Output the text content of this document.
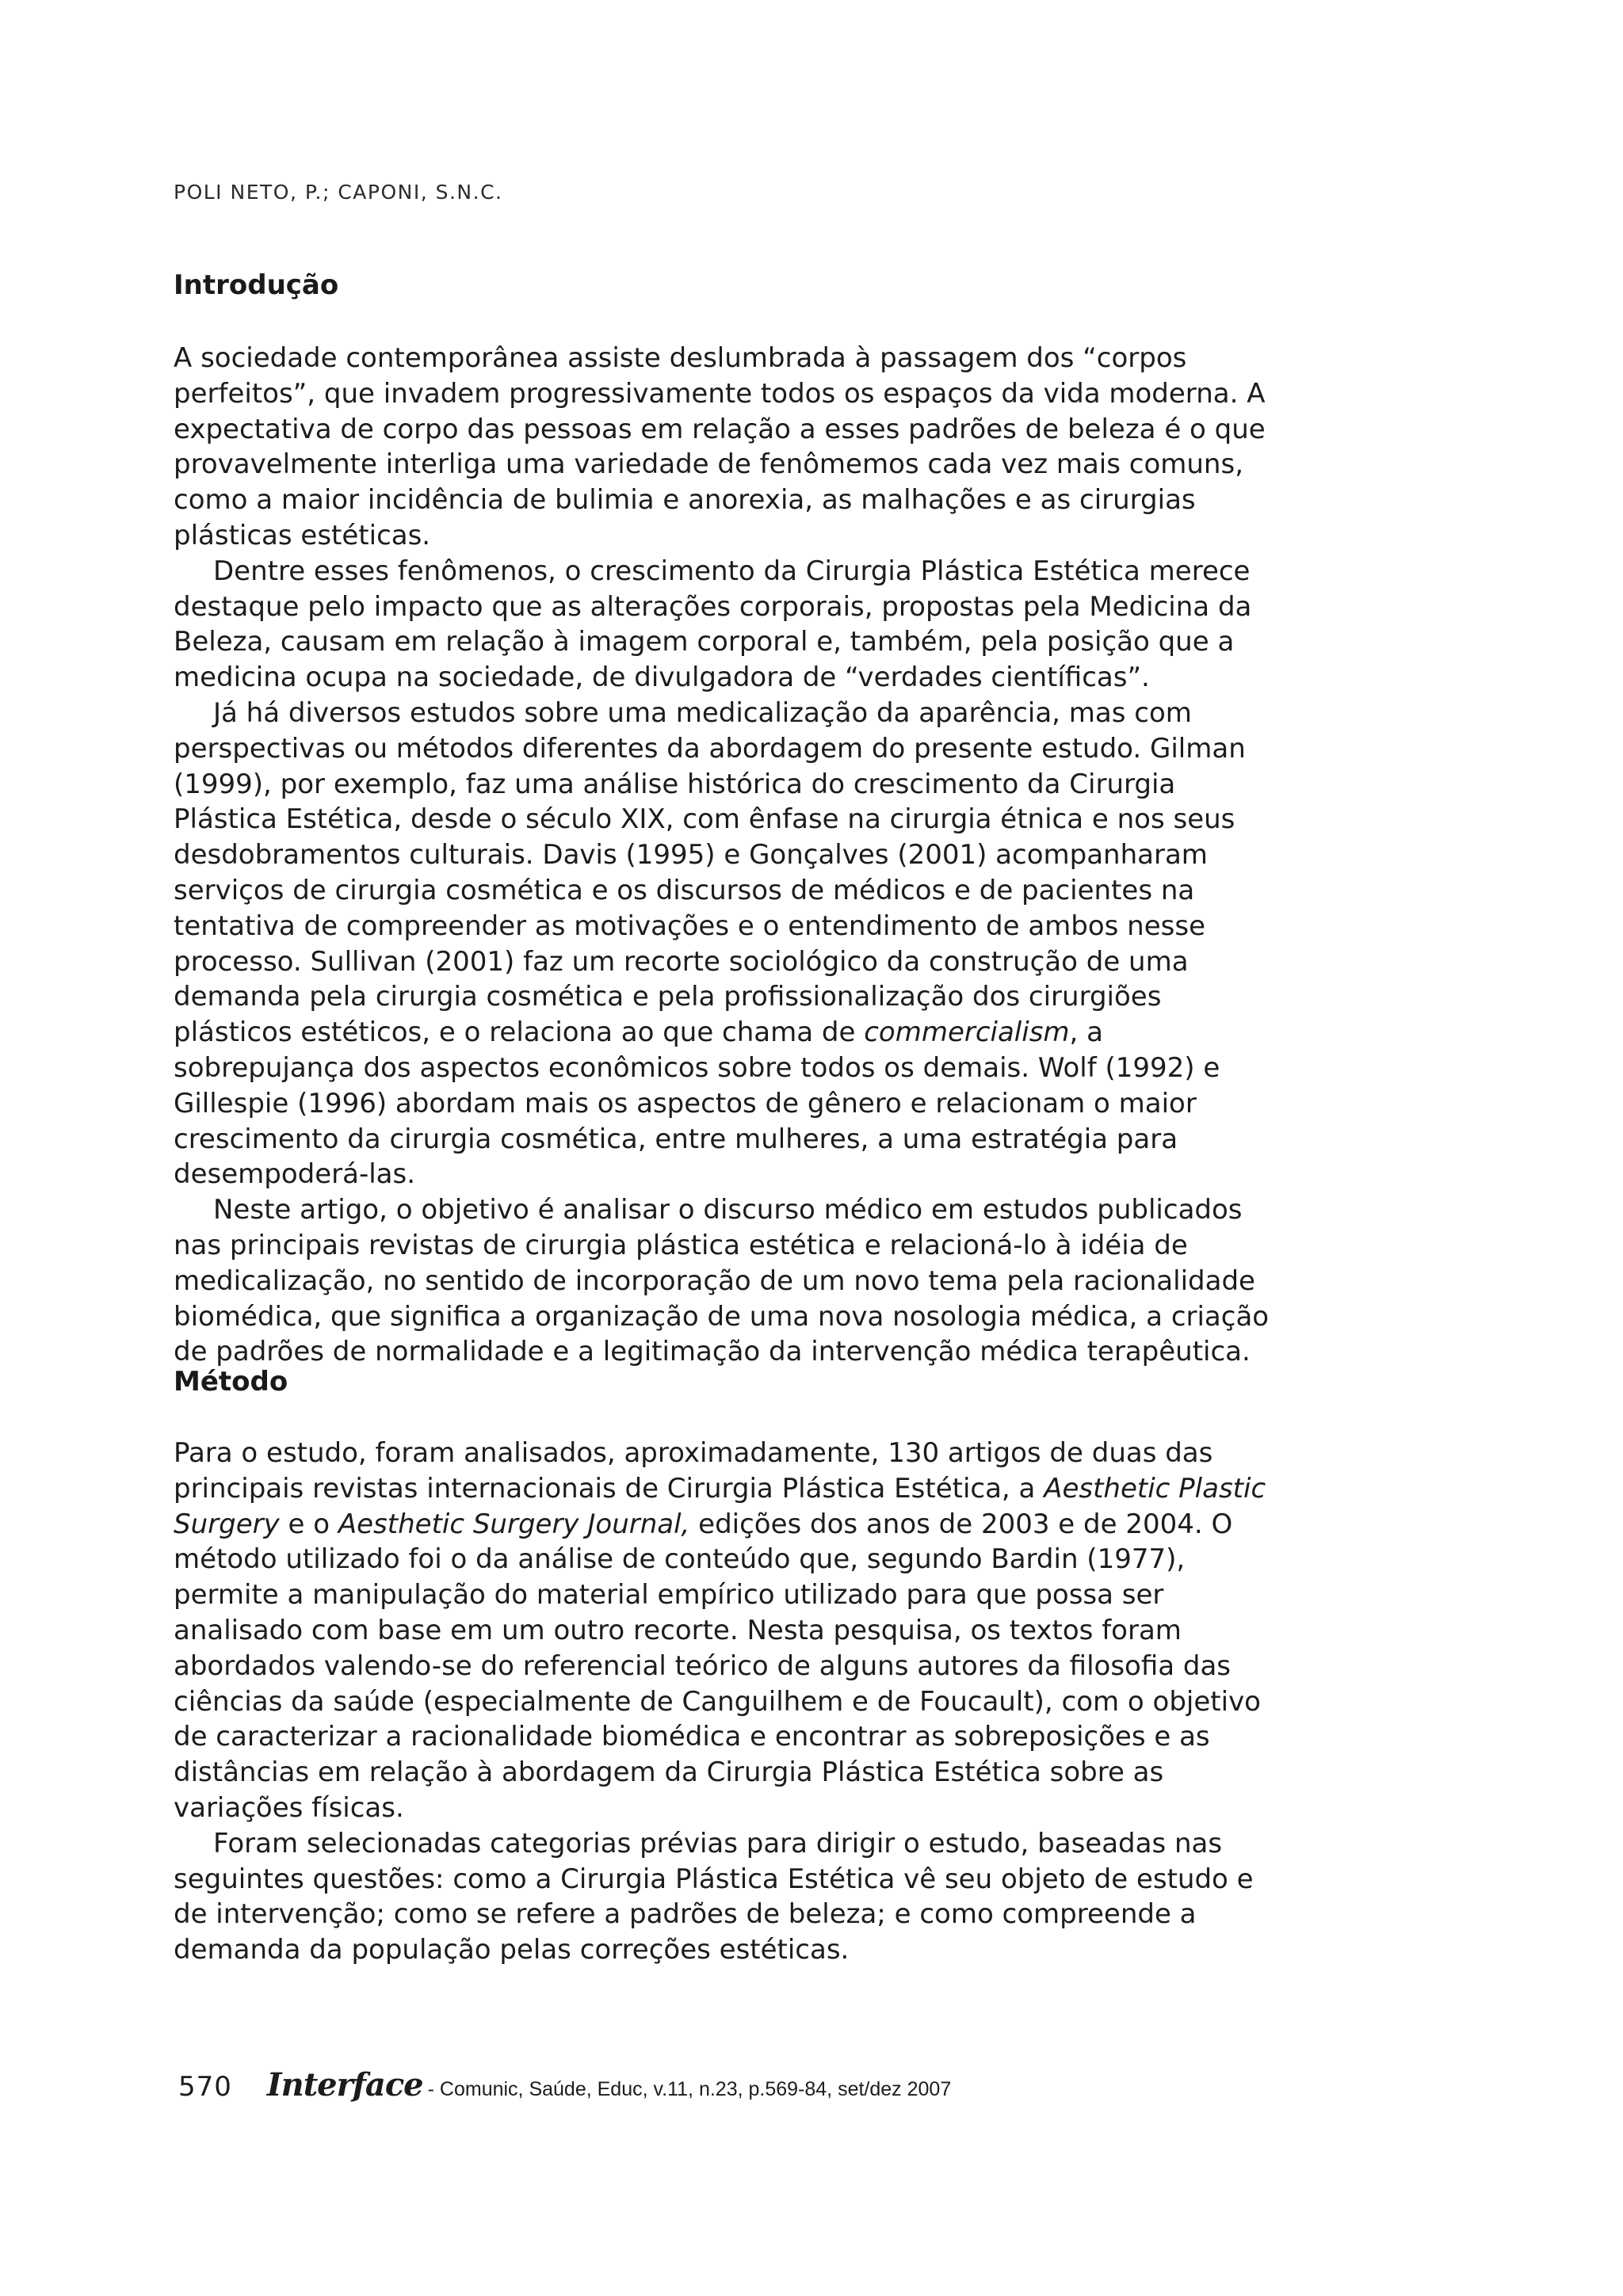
POLI NETO, P.; CAPONI, S.N.C.
Introdução

A sociedade contemporânea assiste deslumbrada à passagem dos “corpos perfeitos”, que invadem progressivamente todos os espaços da vida moderna. A expectativa de corpo das pessoas em relação a esses padrões de beleza é o que provavelmente interliga uma variedade de fenômemos cada vez mais comuns, como a maior incidência de bulimia e anorexia, as malhações e as cirurgias plásticas estéticas.

Dentre esses fenômenos, o crescimento da Cirurgia Plástica Estética merece destaque pelo impacto que as alterações corporais, propostas pela Medicina da Beleza, causam em relação à imagem corporal e, também, pela posição que a medicina ocupa na sociedade, de divulgadora de “verdades científicas”.

Já há diversos estudos sobre uma medicalização da aparência, mas com perspectivas ou métodos diferentes da abordagem do presente estudo. Gilman (1999), por exemplo, faz uma análise histórica do crescimento da Cirurgia Plástica Estética, desde o século XIX, com ênfase na cirurgia étnica e nos seus desdobramentos culturais. Davis (1995) e Gonçalves (2001) acompanharam serviços de cirurgia cosmética e os discursos de médicos e de pacientes na tentativa de compreender as motivações e o entendimento de ambos nesse processo. Sullivan (2001) faz um recorte sociológico da construção de uma demanda pela cirurgia cosmética e pela profissionalização dos cirurgiões plásticos estéticos, e o relaciona ao que chama de commercialism, a sobrepujança dos aspectos econômicos sobre todos os demais. Wolf (1992) e Gillespie (1996) abordam mais os aspectos de gênero e relacionam o maior crescimento da cirurgia cosmética, entre mulheres, a uma estratégia para desempoderá-las.

Neste artigo, o objetivo é analisar o discurso médico em estudos publicados nas principais revistas de cirurgia plástica estética e relacioná-lo à idéia de medicalização, no sentido de incorporação de um novo tema pela racionalidade biomédica, que significa a organização de uma nova nosologia médica, a criação de padrões de normalidade e a legitimação da intervenção médica terapêutica.

Método

Para o estudo, foram analisados, aproximadamente, 130 artigos de duas das principais revistas internacionais de Cirurgia Plástica Estética, a Aesthetic Plastic Surgery e o Aesthetic Surgery Journal, edições dos anos de 2003 e de 2004. O método utilizado foi o da análise de conteúdo que, segundo Bardin (1977), permite a manipulação do material empírico utilizado para que possa ser analisado com base em um outro recorte. Nesta pesquisa, os textos foram abordados valendo-se do referencial teórico de alguns autores da filosofia das ciências da saúde (especialmente de Canguilhem e de Foucault), com o objetivo de caracterizar a racionalidade biomédica e encontrar as sobreposições e as distâncias em relação à abordagem da Cirurgia Plástica Estética sobre as variações físicas.

Foram selecionadas categorias prévias para dirigir o estudo, baseadas nas seguintes questões: como a Cirurgia Plástica Estética vê seu objeto de estudo e de intervenção; como se refere a padrões de beleza; e como compreende a demanda da população pelas correções estéticas.

570 Interface - Comunic, Saúde, Educ, v.11, n.23, p.569-84, set/dez 2007
